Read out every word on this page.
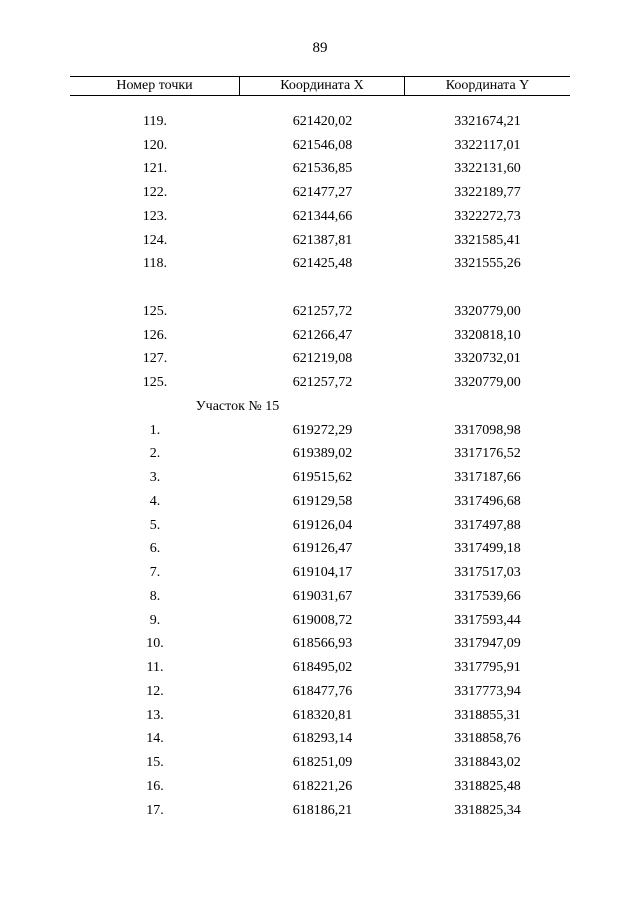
89
Номер точки	Координата X	Координата Y
119.	621420,02	3321674,21
120.	621546,08	3322117,01
121.	621536,85	3322131,60
122.	621477,27	3322189,77
123.	621344,66	3322272,73
124.	621387,81	3321585,41
118.	621425,48	3321555,26
125.	621257,72	3320779,00
126.	621266,47	3320818,10
127.	621219,08	3320732,01
125.	621257,72	3320779,00
Участок № 15
1.	619272,29	3317098,98
2.	619389,02	3317176,52
3.	619515,62	3317187,66
4.	619129,58	3317496,68
5.	619126,04	3317497,88
6.	619126,47	3317499,18
7.	619104,17	3317517,03
8.	619031,67	3317539,66
9.	619008,72	3317593,44
10.	618566,93	3317947,09
11.	618495,02	3317795,91
12.	618477,76	3317773,94
13.	618320,81	3318855,31
14.	618293,14	3318858,76
15.	618251,09	3318843,02
16.	618221,26	3318825,48
17.	618186,21	3318825,34
